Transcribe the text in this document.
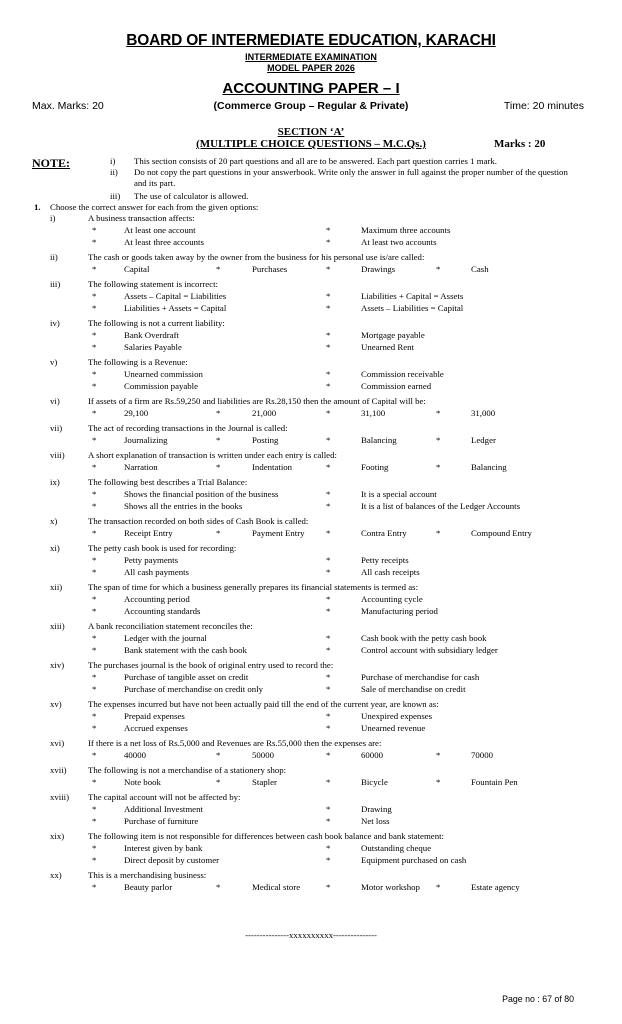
BOARD OF INTERMEDIATE EDUCATION, KARACHI
INTERMEDIATE EXAMINATION
MODEL PAPER 2026
ACCOUNTING PAPER – I
Max. Marks: 20	(Commerce Group – Regular & Private)	Time: 20 minutes
SECTION ‘A’
(MULTIPLE CHOICE QUESTIONS – M.C.Qs.)	Marks : 20
NOTE:	i) This section consists of 20 part questions and all are to be answered. Each part question carries 1 mark.
ii) Do not copy the part questions in your answerbook. Write only the answer in full against the proper number of the question and its part.
iii) The use of calculator is allowed.
1. Choose the correct answer for each from the given options:
i)	A business transaction affects:
*	At least one account	*	Maximum three accounts
*	At least three accounts	*	At least two accounts
ii)	The cash or goods taken away by the owner from the business for his personal use is/are called:
*	Capital	*	Purchases	*	Drawings	*	Cash
iii)	The following statement is incorrect:
*	Assets – Capital = Liabilities	*	Liabilities + Capital = Assets
*	Liabilities + Assets = Capital	*	Assets – Liabilities = Capital
iv)	The following is not a current liability:
*	Bank Overdraft	*	Mortgage payable
*	Salaries Payable	*	Unearned Rent
v)	The following is a Revenue:
*	Unearned commission	*	Commission receivable
*	Commission payable	*	Commission earned
vi)	If assets of a firm are Rs.59,250 and liabilities are Rs.28,150 then the amount of Capital will be:
*	29,100	*	21,000	*	31,100	*	31,000
vii)	The act of recording transactions in the Journal is called:
*	Journalizing	*	Posting	*	Balancing	*	Ledger
viii)	A short explanation of transaction is written under each entry is called:
*	Narration	*	Indentation	*	Footing	*	Balancing
ix)	The following best describes a Trial Balance:
*	Shows the financial position of the business	*	It is a special account
*	Shows all the entries in the books	*	It is a list of balances of the Ledger Accounts
x)	The transaction recorded on both sides of Cash Book is called:
*	Receipt Entry	*	Payment Entry *	Contra Entry	*	Compound Entry
xi)	The petty cash book is used for recording:
*	Petty payments	*	Petty receipts
*	All cash payments	*	All cash receipts
xii)	The span of time for which a business generally prepares its financial statements is termed as:
*	Accounting period	*	Accounting cycle
*	Accounting standards	*	Manufacturing period
xiii)	A bank reconciliation statement reconciles the:
*	Ledger with the journal	*	Cash book with the petty cash book
*	Bank statement with the cash book	*	Control account with subsidiary ledger
xiv)	The purchases journal is the book of original entry used to record the:
*	Purchase of tangible asset on credit	*	Purchase of merchandise for cash
*	Purchase of merchandise on credit only	*	Sale of merchandise on credit
xv)	The expenses incurred but have not been actually paid till the end of the current year, are known as:
*	Prepaid expenses	*	Unexpired expenses
*	Accrued expenses	*	Unearned revenue
xvi)	If there is a net loss of Rs.5,000 and Revenues are Rs.55,000 then the expenses are:
*	40000	*	50000	*	60000	*	70000
xvii) The following is not a merchandise of a stationery shop:
*	Note book	*	Stapler	*	Bicycle	*	Fountain Pen
xviii) The capital account will not be affected by:
*	Additional Investment	*	Drawing
*	Purchase of furniture	*	Net loss
xix)	The following item is not responsible for differences between cash book balance and bank statement:
*	Interest given by bank	*	Outstanding cheque
*	Direct deposit by customer	*	Equipment purchased on cash
xx)	This is a merchandising business:
*	Beauty parlor	*	Medical store	*	Motor workshop *	Estate agency
---------------xxxxxxxxxx---------------
Page no : 67 of 80
